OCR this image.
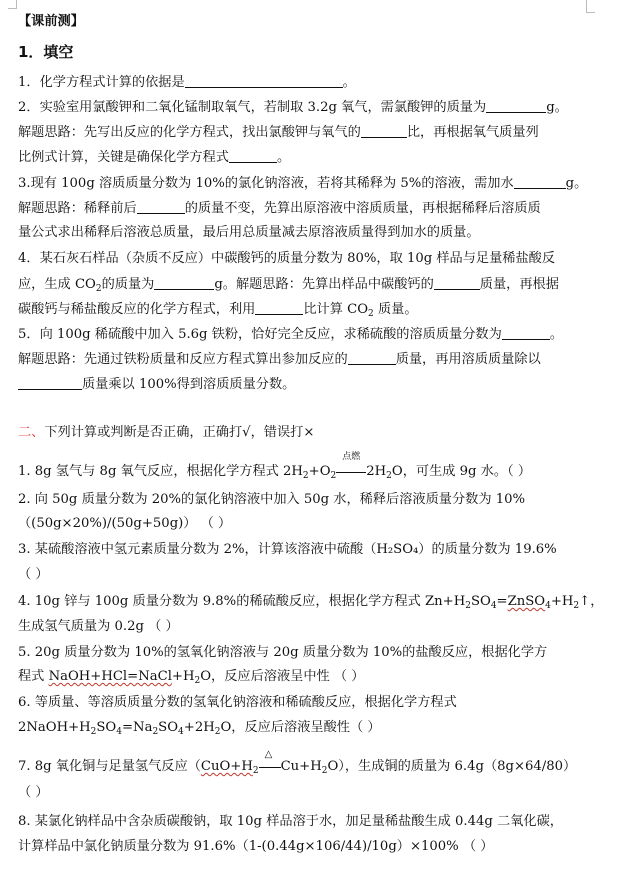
【课前测】
1．填空
1．化学方程式计算的依据是	。
2．实验室用氯酸钾和二氧化锰制取氧气，若制取 3.2g 氧气，需氯酸钾的质量为	g。
解题思路：先写出反应的化学方程式，找出氯酸钾与氧气的	比，再根据氧气质量列
比例式计算，关键是确保化学方程式	。
3.现有 100g 溶质质量分数为 10%的氯化钠溶液，若将其稀释为 5%的溶液，需加水	g。
解题思路：稀释前后	的质量不变，先算出原溶液中溶质质量，再根据稀释后溶质质
量公式求出稀释后溶液总质量，最后用总质量减去原溶液质量得到加水的质量。
4．某石灰石样品（杂质不反应）中碳酸钙的质量分数为 80%，取 10g 样品与足量稀盐酸反
应，生成 $CO_2$的质量为	g。解题思路：先算出样品中碳酸钙的	质量，再根据
碳酸钙与稀盐酸反应的化学方程式，利用	比计算 $CO_2$ 质量。
5．向 100g 稀硫酸中加入 5.6g 铁粉，恰好完全反应，求稀硫酸的溶质质量分数为	。
解题思路：先通过铁粉质量和反应方程式算出参加反应的	质量，再用溶质质量除以
质量乘以 100%得到溶质质量分数。
二、下列计算或判断是否正确，正确打√，错误打×
1. 8g 氢气与 8g 氧气反应，根据化学方程式 $2H_2+O_2$
点燃
$2H_2O$，可生成 9g 水。（ ）
2. 向 50g 质量分数为 20%的氯化钠溶液中加入 50g 水，稀释后溶液质量分数为 10%
（(50g×20%)/(50g+50g)） （ ）
3. 某硫酸溶液中氢元素质量分数为 2%，计算该溶液中硫酸（H₂SO₄）的质量分数为 19.6%
（ ）
4. 10g 锌与 100g 质量分数为 9.8%的稀硫酸反应，根据化学方程式 $Zn+H_2SO_4=ZnSO_4+H_2↑$，
生成氢气质量为 0.2g （ ）
5. 20g 质量分数为 10%的氢氧化钠溶液与 20g 质量分数为 10%的盐酸反应，根据化学方
程式 $NaOH+HCl=NaCl+H_2O$，反应后溶液呈中性 （ ）
6. 等质量、等溶质质量分数的氢氧化钠溶液和稀硫酸反应，根据化学方程式
$2NaOH+H_2SO_4=Na_2SO_4+2H_2O$，反应后溶液呈酸性（ ）
7. 8g 氧化铜与足量氢气反应（$CuO+H_2$
△
$Cu+H_2O$），生成铜的质量为 6.4g（8g×64/80）
（ ）
8. 某氯化钠样品中含杂质碳酸钠，取 10g 样品溶于水，加足量稀盐酸生成 0.44g 二氧化碳，
计算样品中氯化钠质量分数为 91.6%（1-(0.44g×106/44)/10g）×100% （ ）
